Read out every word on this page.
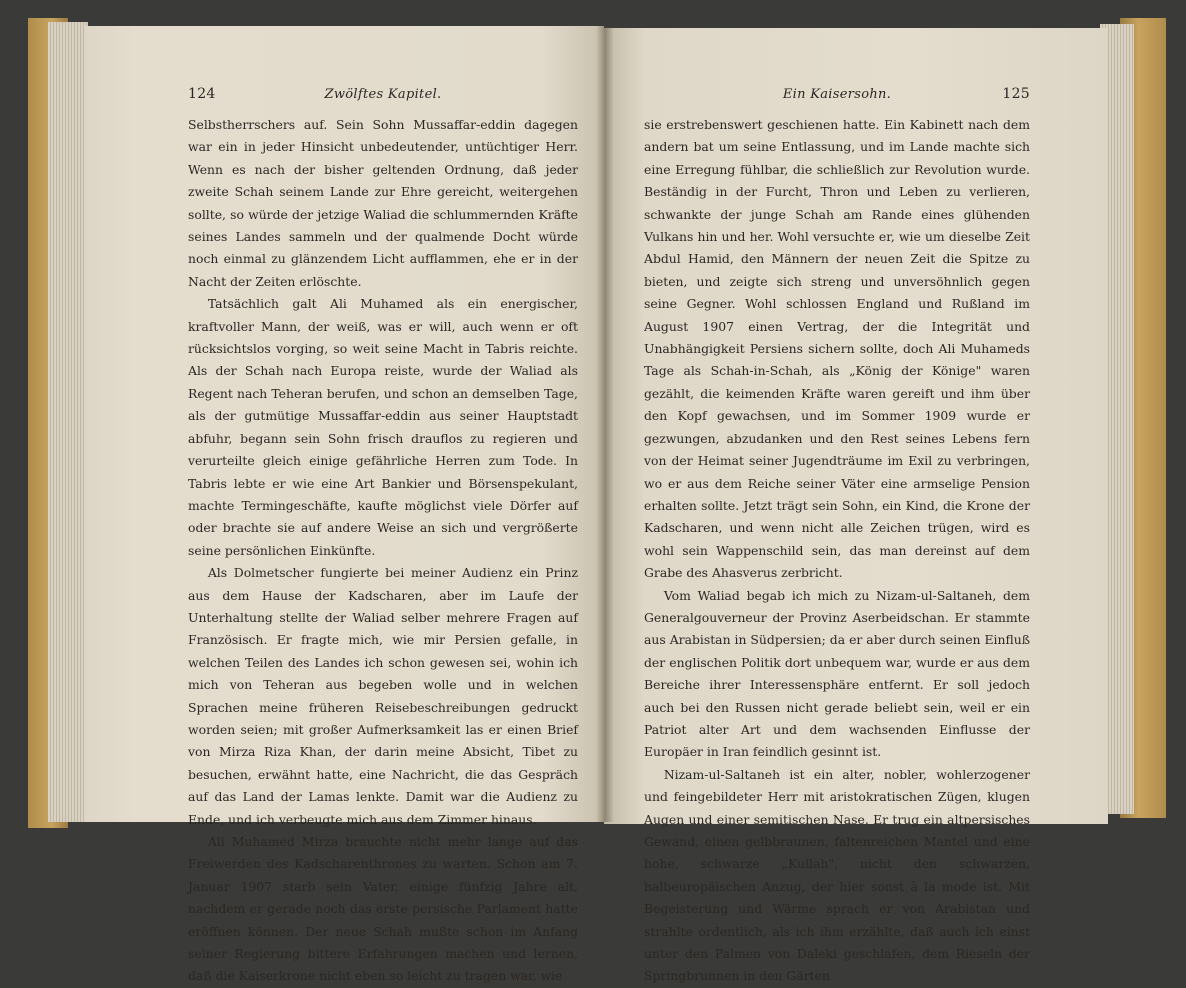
124	Zwölftes Kapitel.

Selbstherrschers auf. Sein Sohn Mussaffar-eddin dagegen war ein in jeder Hinsicht unbedeutender, untüchtiger Herr. Wenn es nach der bisher geltenden Ordnung, daß jeder zweite Schah seinem Lande zur Ehre gereicht, weitergehen sollte, so würde der jetzige Waliad die schlummernden Kräfte seines Landes sammeln und der qualmende Docht würde noch einmal zu glänzendem Licht aufflammen, ehe er in der Nacht der Zeiten erlöschte.

Tatsächlich galt Ali Muhamed als ein energischer, kraftvoller Mann, der weiß, was er will, auch wenn er oft rücksichtslos vorging, so weit seine Macht in Tabris reichte. Als der Schah nach Europa reiste, wurde der Waliad als Regent nach Teheran berufen, und schon an demselben Tage, als der gutmütige Mussaffar-eddin aus seiner Hauptstadt abfuhr, begann sein Sohn frisch drauflos zu regieren und verurteilte gleich einige gefährliche Herren zum Tode. In Tabris lebte er wie eine Art Bankier und Börsenspekulant, machte Termingeschäfte, kaufte möglichst viele Dörfer auf oder brachte sie auf andere Weise an sich und vergrößerte seine persönlichen Einkünfte.

Als Dolmetscher fungierte bei meiner Audienz ein Prinz aus dem Hause der Kadscharen, aber im Laufe der Unterhaltung stellte der Waliad selber mehrere Fragen auf Französisch. Er fragte mich, wie mir Persien gefalle, in welchen Teilen des Landes ich schon gewesen sei, wohin ich mich von Teheran aus begeben wolle und in welchen Sprachen meine früheren Reisebeschreibungen gedruckt worden seien; mit großer Aufmerksamkeit las er einen Brief von Mirza Riza Khan, der darin meine Absicht, Tibet zu besuchen, erwähnt hatte, eine Nachricht, die das Gespräch auf das Land der Lamas lenkte. Damit war die Audienz zu Ende, und ich verbeugte mich aus dem Zimmer hinaus.

Ali Muhamed Mirza brauchte nicht mehr lange auf das Freiwerden des Kadscharenthrones zu warten. Schon am 7. Januar 1907 starb sein Vater, einige fünfzig Jahre alt, nachdem er gerade noch das erste persische Parlament hatte eröffnen können. Der neue Schah mußte schon im Anfang seiner Regierung bittere Erfahrungen machen und lernen, daß die Kaiserkrone nicht eben so leicht zu tragen war, wie

Ein Kaisersohn.	125

sie erstrebenswert geschienen hatte. Ein Kabinett nach dem andern bat um seine Entlassung, und im Lande machte sich eine Erregung fühlbar, die schließlich zur Revolution wurde. Beständig in der Furcht, Thron und Leben zu verlieren, schwankte der junge Schah am Rande eines glühenden Vulkans hin und her. Wohl versuchte er, wie um dieselbe Zeit Abdul Hamid, den Männern der neuen Zeit die Spitze zu bieten, und zeigte sich streng und unversöhnlich gegen seine Gegner. Wohl schlossen England und Rußland im August 1907 einen Vertrag, der die Integrität und Unabhängigkeit Persiens sichern sollte, doch Ali Muhameds Tage als Schah-in-Schah, als „König der Könige" waren gezählt, die keimenden Kräfte waren gereift und ihm über den Kopf gewachsen, und im Sommer 1909 wurde er gezwungen, abzudanken und den Rest seines Lebens fern von der Heimat seiner Jugendträume im Exil zu verbringen, wo er aus dem Reiche seiner Väter eine armselige Pension erhalten sollte. Jetzt trägt sein Sohn, ein Kind, die Krone der Kadscharen, und wenn nicht alle Zeichen trügen, wird es wohl sein Wappenschild sein, das man dereinst auf dem Grabe des Ahasverus zerbricht.

Vom Waliad begab ich mich zu Nizam-ul-Saltaneh, dem Generalgouverneur der Provinz Aserbeidschan. Er stammte aus Arabistan in Südpersien; da er aber durch seinen Einfluß der englischen Politik dort unbequem war, wurde er aus dem Bereiche ihrer Interessensphäre entfernt. Er soll jedoch auch bei den Russen nicht gerade beliebt sein, weil er ein Patriot alter Art und dem wachsenden Einflusse der Europäer in Iran feindlich gesinnt ist.

Nizam-ul-Saltaneh ist ein alter, nobler, wohlerzogener und feingebildeter Herr mit aristokratischen Zügen, klugen Augen und einer semitischen Nase. Er trug ein altpersisches Gewand, einen gelbbraunen, faltenreichen Mantel und eine hohe, schwarze „Kullah", nicht den schwarzen, halbeuropäischen Anzug, der hier sonst à la mode ist. Mit Begeisterung und Wärme sprach er von Arabistan und strahlte ordentlich, als ich ihm erzählte, daß auch ich einst unter den Palmen von Daleki geschlafen, dem Rieseln der Springbrunnen in den Gärten
